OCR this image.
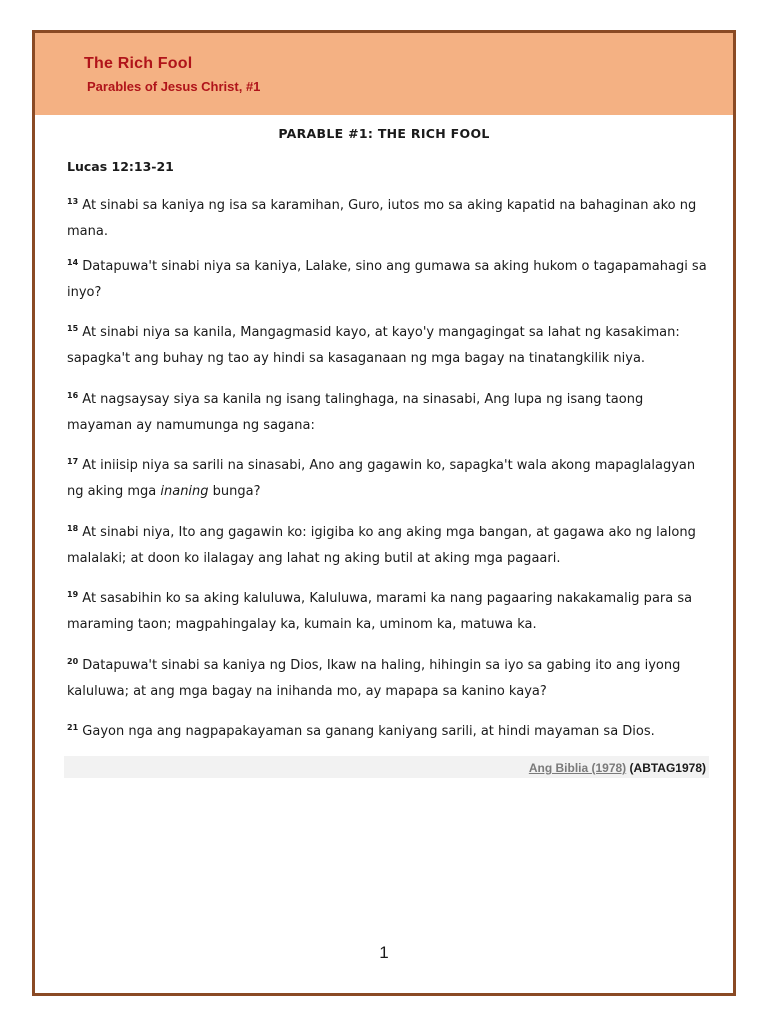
The Rich Fool
Parables of Jesus Christ, #1
PARABLE #1: THE RICH FOOL
Lucas 12:13-21
$^{13}$ At sinabi sa kaniya ng isa sa karamihan, Guro, iutos mo sa aking kapatid na bahaginan ako ng mana.
$^{14}$ Datapuwa't sinabi niya sa kaniya, Lalake, sino ang gumawa sa aking hukom o tagapamahagi sa inyo?
$^{15}$ At sinabi niya sa kanila, Mangagmasid kayo, at kayo'y mangagingat sa lahat ng kasakiman: sapagka't ang buhay ng tao ay hindi sa kasaganaan ng mga bagay na tinatangkilik niya.
$^{16}$ At nagsaysay siya sa kanila ng isang talinghaga, na sinasabi, Ang lupa ng isang taong mayaman ay namumunga ng sagana:
$^{17}$ At iniisip niya sa sarili na sinasabi, Ano ang gagawin ko, sapagka't wala akong mapaglalagyan ng aking mga inaning bunga?
$^{18}$ At sinabi niya, Ito ang gagawin ko: igigiba ko ang aking mga bangan, at gagawa ako ng lalong malalaki; at doon ko ilalagay ang lahat ng aking butil at aking mga pagaari.
$^{19}$ At sasabihin ko sa aking kaluluwa, Kaluluwa, marami ka nang pagaaring nakakamalig para sa maraming taon; magpahingalay ka, kumain ka, uminom ka, matuwa ka.
$^{20}$ Datapuwa't sinabi sa kaniya ng Dios, Ikaw na haling, hihingin sa iyo sa gabing ito ang iyong kaluluwa; at ang mga bagay na inihanda mo, ay mapapa sa kanino kaya?
$^{21}$ Gayon nga ang nagpapakayaman sa ganang kaniyang sarili, at hindi mayaman sa Dios.
Ang Biblia (1978) (ABTAG1978)
1
